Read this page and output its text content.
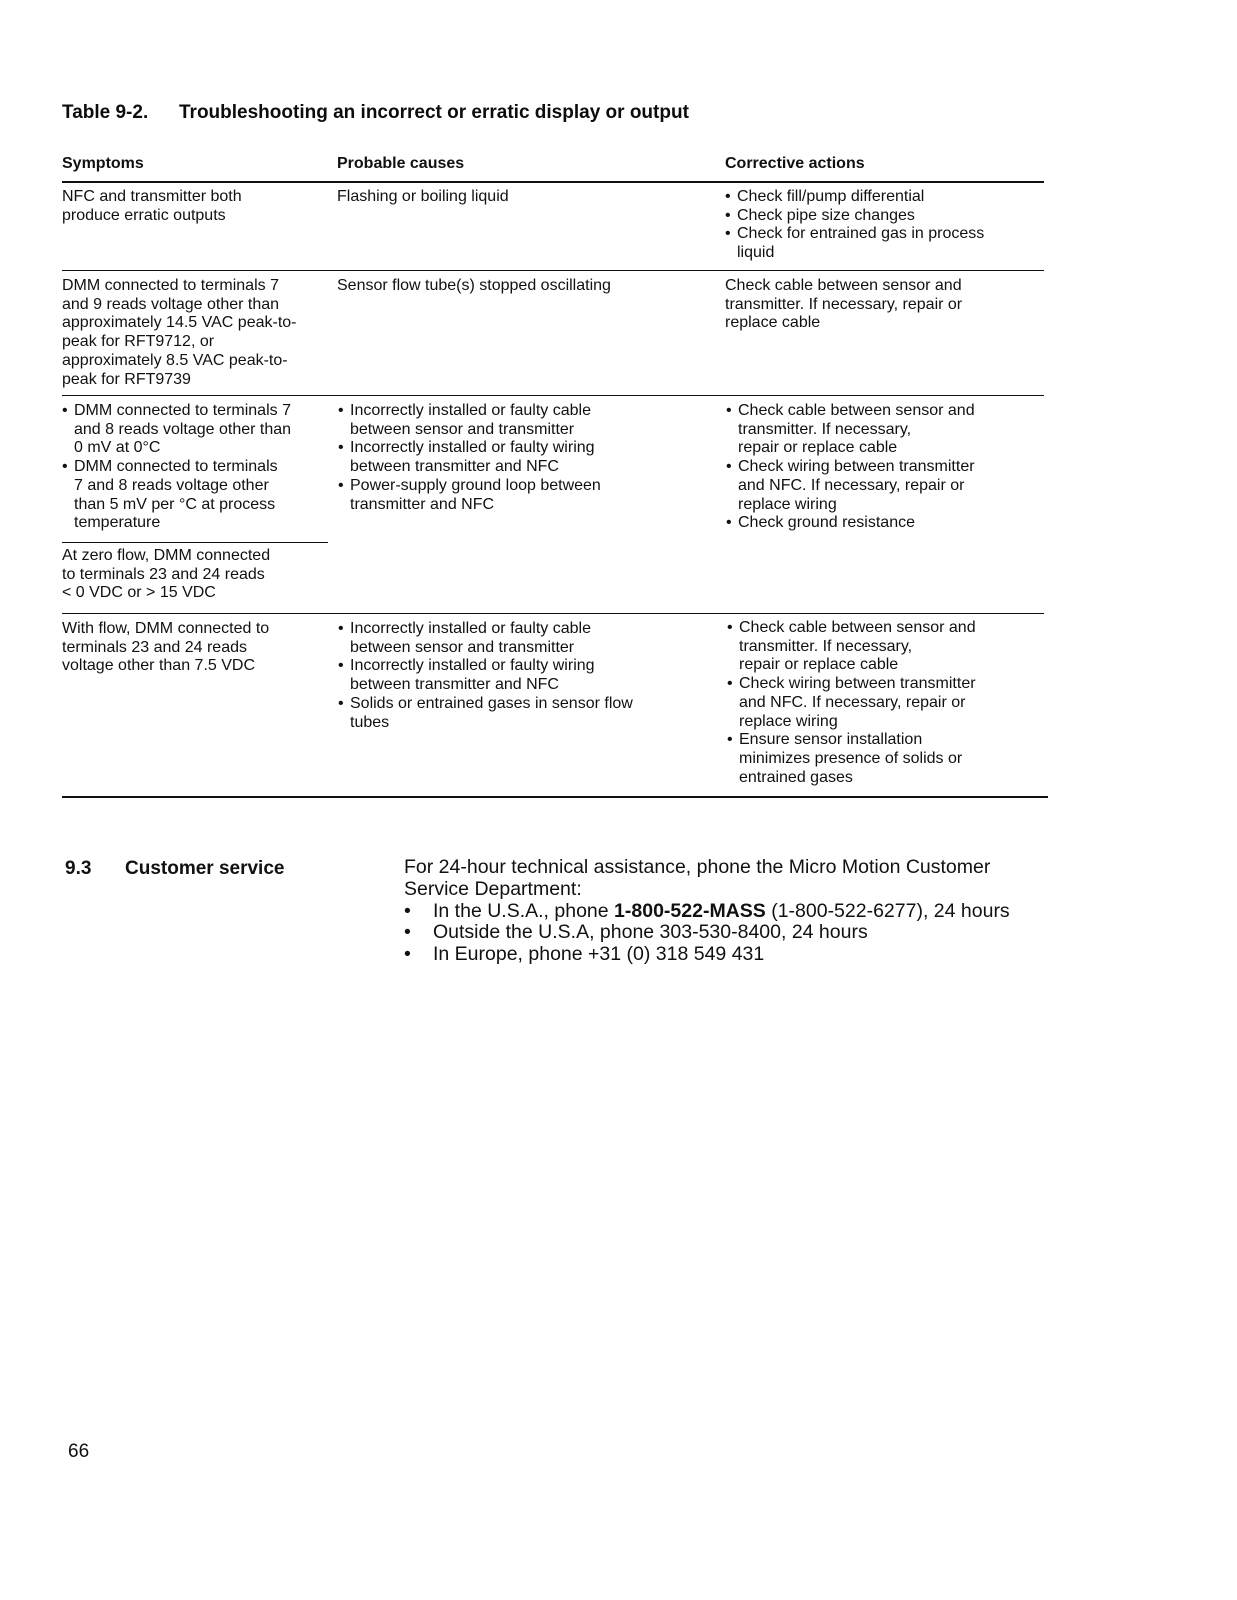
Table 9-2. Troubleshooting an incorrect or erratic display or output
Symptoms	Probable causes	Corrective actions
NFC and transmitter both
produce erratic outputs
Flashing or boiling liquid
•	Check fill/pump differential
• Check pipe size changes
• Check for entrained gas in process
liquid
DMM connected to terminals 7
and 9 reads voltage other than
approximately 14.5 VAC peak-to-
peak for RFT9712, or
approximately 8.5 VAC peak-to-
peak for RFT9739
Sensor flow tube(s) stopped oscillating	Check cable between sensor and
transmitter. If necessary, repair or
replace cable
• DMM connected to terminals 7
and 8 reads voltage other than
0 mV at 0°C
• DMM connected to terminals
7 and 8 reads voltage other
than 5 mV per °C at process
temperature
At zero flow, DMM connected
to terminals 23 and 24 reads
< 0 VDC or > 15 VDC
• Incorrectly installed or faulty cable
between sensor and transmitter
• Incorrectly installed or faulty wiring
between transmitter and NFC
• Power-supply ground loop between
transmitter and NFC
• Check cable between sensor and
transmitter. If necessary,
repair or replace cable
• Check wiring between transmitter
and NFC. If necessary, repair or
replace wiring
• Check ground resistance
With flow, DMM connected to
terminals 23 and 24 reads
voltage other than 7.5 VDC
• Incorrectly installed or faulty cable
between sensor and transmitter
• Incorrectly installed or faulty wiring
between transmitter and NFC
• Solids or entrained gases in sensor flow
tubes
• Check cable between sensor and
transmitter. If necessary,
repair or replace cable
• Check wiring between transmitter
and NFC. If necessary, repair or
replace wiring
• Ensure sensor installation
minimizes presence of solids or
entrained gases
9.3 Customer service	For 24-hour technical assistance, phone the Micro Motion Customer
Service Department:
• In the U.S.A., phone 1-800-522-MASS (1-800-522-6277), 24 hours
• Outside the U.S.A, phone 303-530-8400, 24 hours
• In Europe, phone +31 (0) 318 549 431
66
